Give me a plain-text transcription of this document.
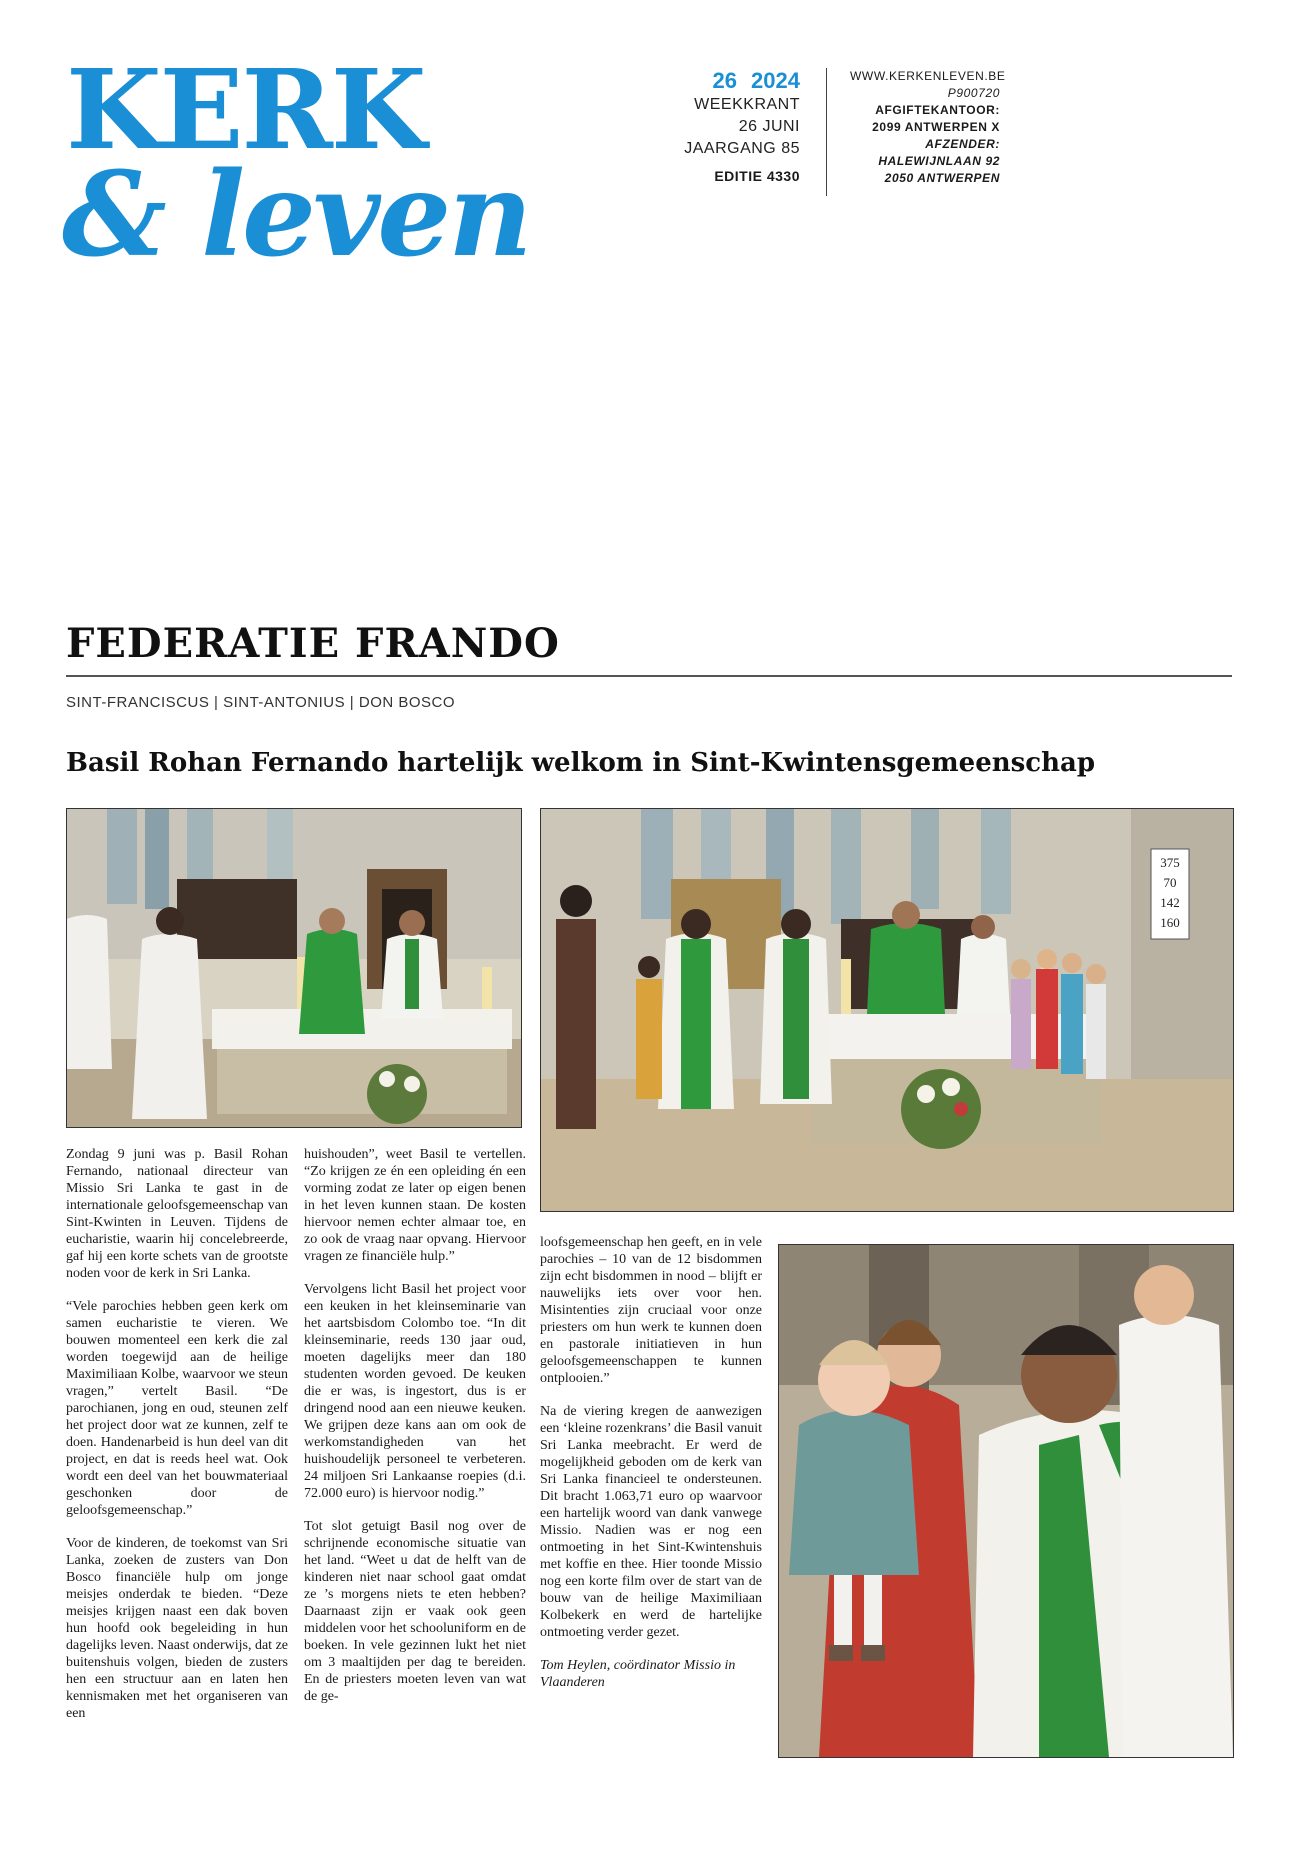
KERK
& leven
26 2024
WEEKKRANT
26 JUNI
JAARGANG 85
EDITIE 4330
WWW.KERKENLEVEN.BE
P900720
AFGIFTEKANTOOR:
2099 ANTWERPEN X
AFZENDER:
HALEWIJNLAAN 92
2050 ANTWERPEN
FEDERATIE FRANDO
SINT-FRANCISCUS | SINT-ANTONIUS | DON BOSCO
Basil Rohan Fernando hartelijk welkom in Sint-Kwintensgemeenschap
375
70
142
160

Zondag 9 juni was p. Basil Rohan Fernando, nationaal directeur van Missio Sri Lanka te gast in de internationale geloofsgemeenschap van Sint-Kwinten in Leuven. Tijdens de eucharistie, waarin hij concelebreerde, gaf hij een korte schets van de grootste noden voor de kerk in Sri Lanka.

“Vele parochies hebben geen kerk om samen eucharistie te vieren. We bouwen momenteel een kerk die zal worden toegewijd aan de heilige Maximiliaan Kolbe, waarvoor we steun vragen,” vertelt Basil. “De parochianen, jong en oud, steunen zelf het project door wat ze kunnen, zelf te doen. Handenarbeid is hun deel van dit project, en dat is reeds heel wat. Ook wordt een deel van het bouwmateriaal geschonken door de geloofsgemeenschap.”

Voor de kinderen, de toekomst van Sri Lanka, zoeken de zusters van Don Bosco financiële hulp om jonge meisjes onderdak te bieden. “Deze meisjes krijgen naast een dak boven hun hoofd ook begeleiding in hun dagelijks leven. Naast onderwijs, dat ze buitenshuis volgen, bieden de zusters hen een structuur aan en laten hen kennismaken met het organiseren van een

huishouden”, weet Basil te vertellen. “Zo krijgen ze én een opleiding én een vorming zodat ze later op eigen benen in het leven kunnen staan. De kosten hiervoor nemen echter almaar toe, en zo ook de vraag naar opvang. Hiervoor vragen ze financiële hulp.”

Vervolgens licht Basil het project voor een keuken in het kleinseminarie van het aartsbisdom Colombo toe. “In dit kleinseminarie, reeds 130 jaar oud, moeten dagelijks meer dan 180 studenten worden gevoed. De keuken die er was, is ingestort, dus is er dringend nood aan een nieuwe keuken. We grijpen deze kans aan om ook de werkomstandigheden van het huishoudelijk personeel te verbeteren. 24 miljoen Sri Lankaanse roepies (d.i. 72.000 euro) is hiervoor nodig.”

Tot slot getuigt Basil nog over de schrijnende economische situatie van het land. “Weet u dat de helft van de kinderen niet naar school gaat omdat ze ’s morgens niets te eten hebben? Daarnaast zijn er vaak ook geen middelen voor het schooluniform en de boeken. In vele gezinnen lukt het niet om 3 maaltijden per dag te bereiden. En de priesters moeten leven van wat de ge-

loofsgemeenschap hen geeft, en in vele parochies – 10 van de 12 bisdommen zijn echt bisdommen in nood – blijft er nauwelijks iets over voor hen. Misintenties zijn cruciaal voor onze priesters om hun werk te kunnen doen en pastorale initiatieven in hun geloofsgemeenschappen te kunnen ontplooien.”

Na de viering kregen de aanwezigen een ‘kleine rozenkrans’ die Basil vanuit Sri Lanka meebracht. Er werd de mogelijkheid geboden om de kerk van Sri Lanka financieel te ondersteunen. Dit bracht 1.063,71 euro op waarvoor een hartelijk woord van dank vanwege Missio. Nadien was er nog een ontmoeting in het Sint-Kwintenshuis met koffie en thee. Hier toonde Missio nog een korte film over de start van de bouw van de heilige Maximiliaan Kolbekerk en werd de hartelijke ontmoeting verder gezet.

Tom Heylen, coördinator Missio in Vlaanderen
